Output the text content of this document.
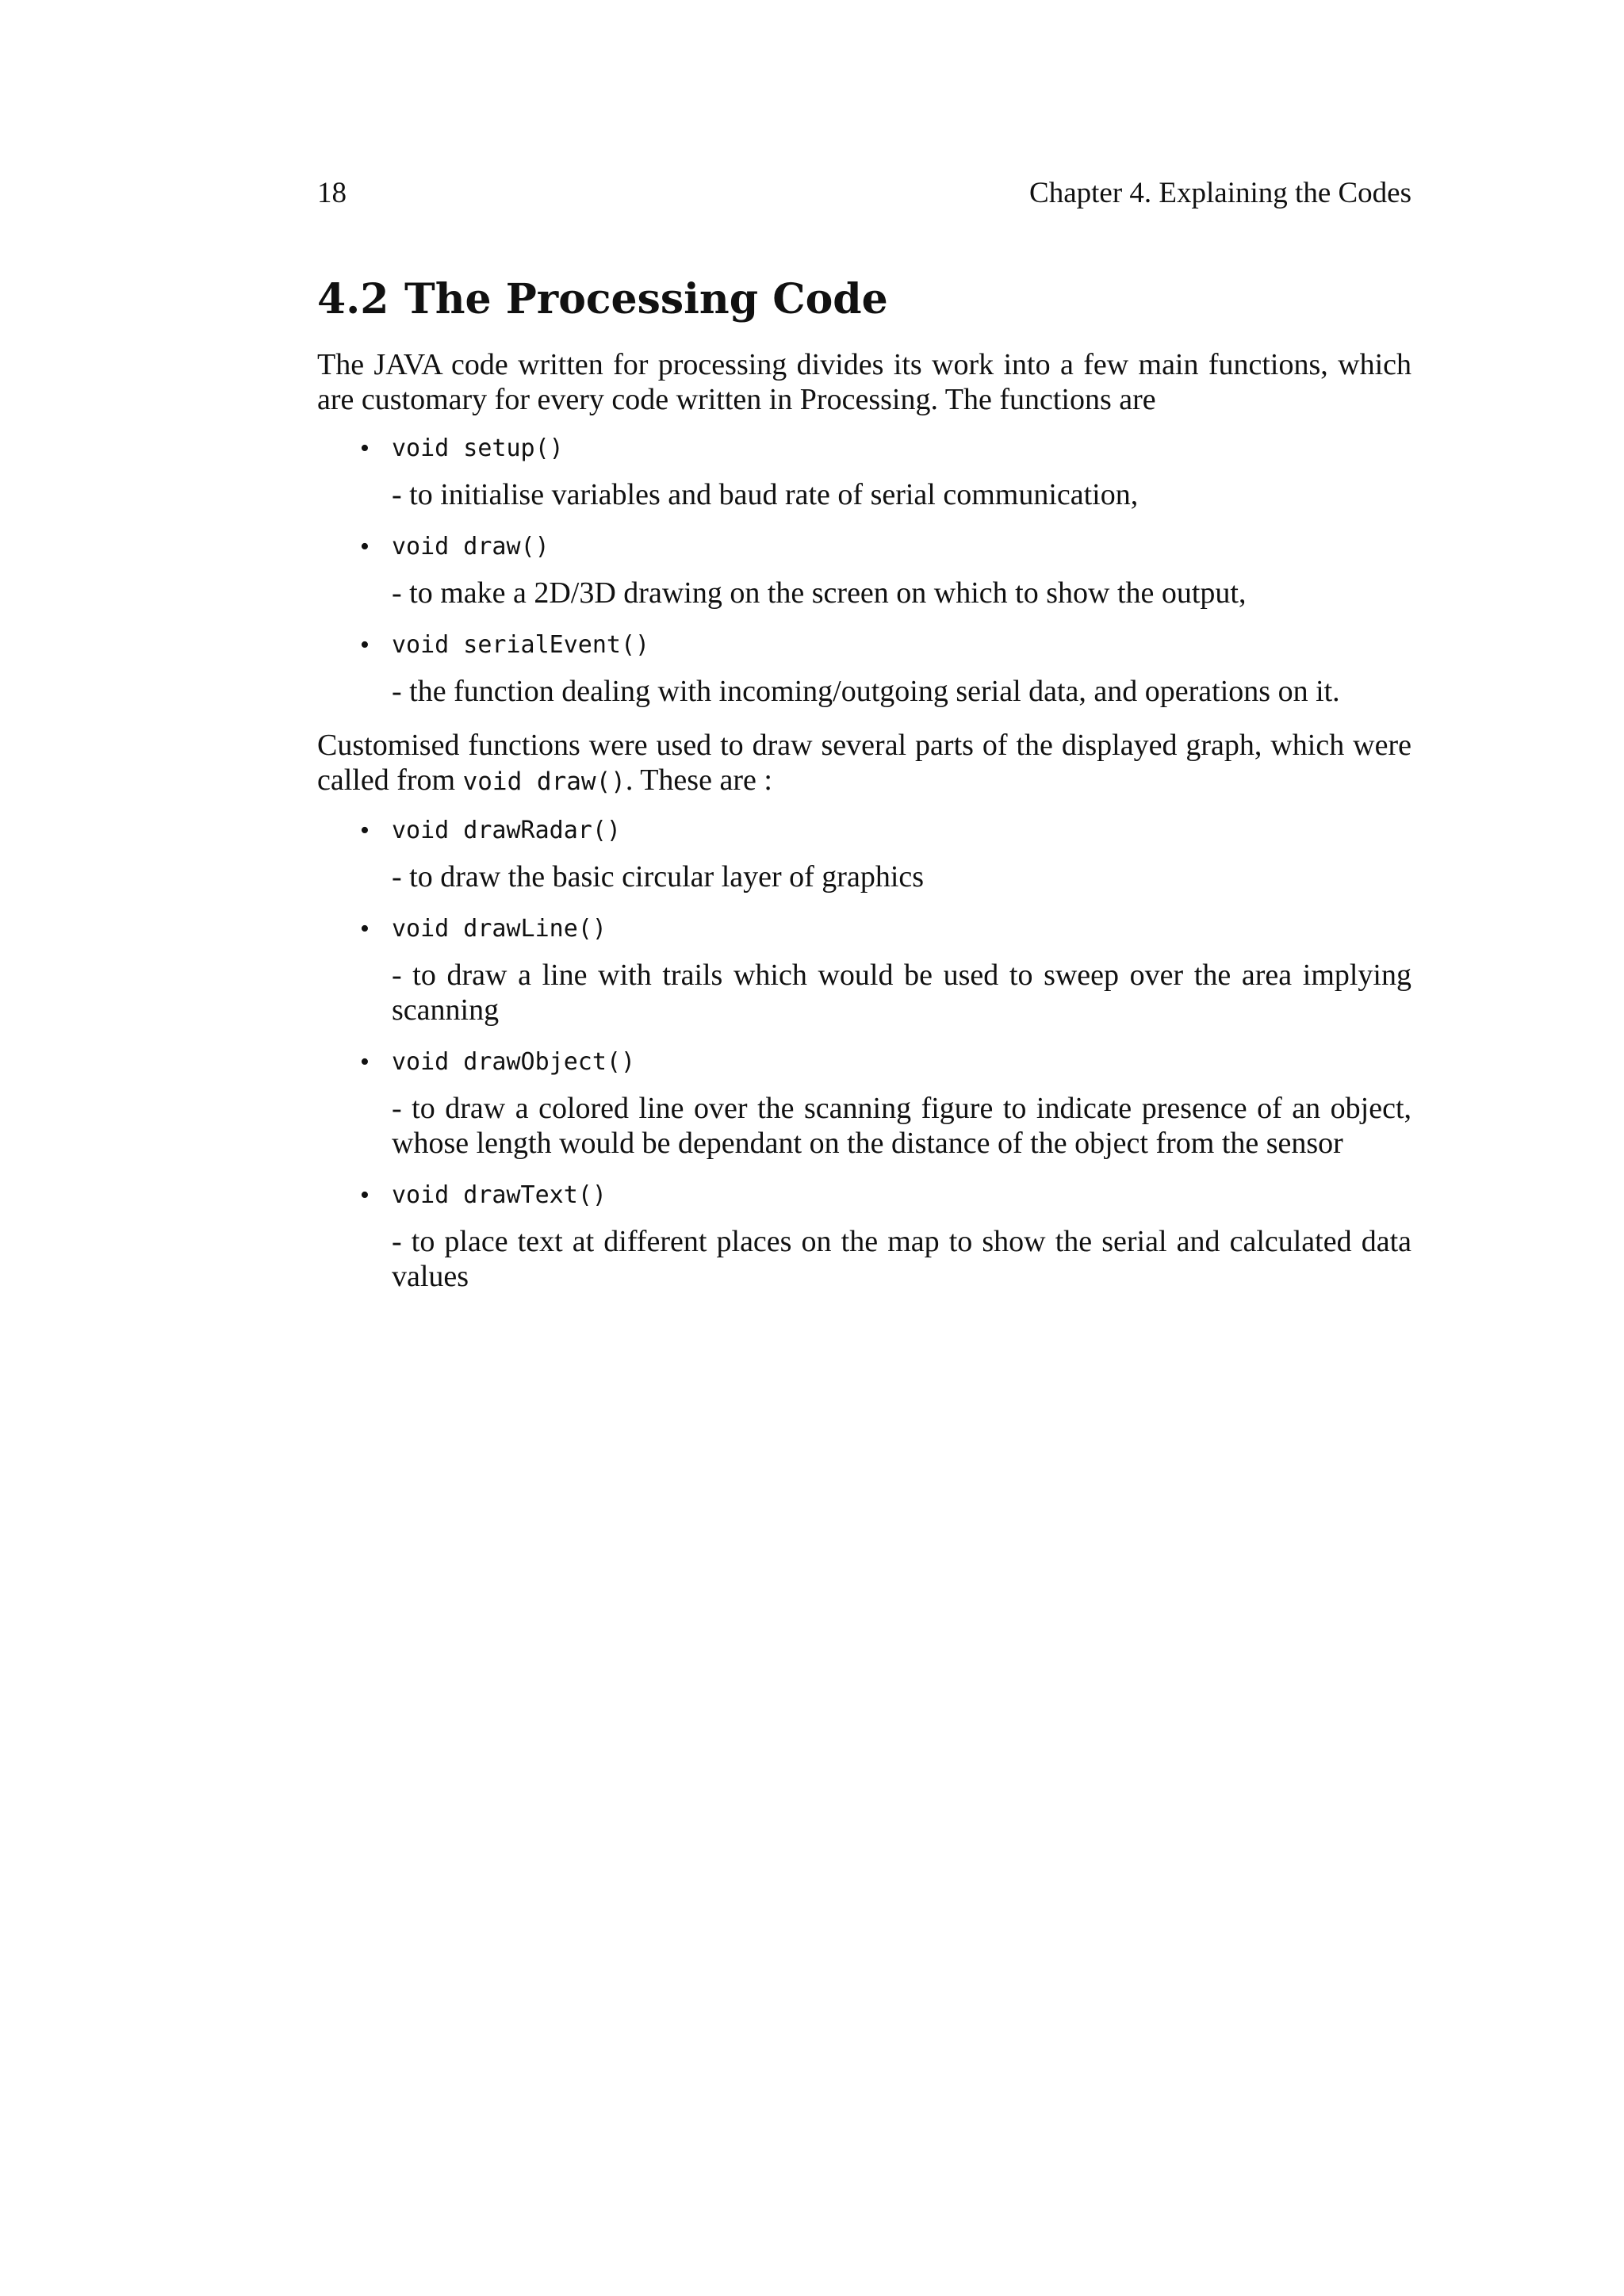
18	Chapter 4. Explaining the Codes
4.2 The Processing Code

The JAVA code written for processing divides its work into a few main functions, which are customary for every code written in Processing. The functions are

• void setup()
- to initialise variables and baud rate of serial communication,
• void draw()
- to make a 2D/3D drawing on the screen on which to show the output,
• void serialEvent()
- the function dealing with incoming/outgoing serial data, and operations on it.

Customised functions were used to draw several parts of the displayed graph, which were called from void draw(). These are :

• void drawRadar()
- to draw the basic circular layer of graphics
• void drawLine()
- to draw a line with trails which would be used to sweep over the area implying scanning
• void drawObject()
- to draw a colored line over the scanning figure to indicate presence of an object, whose length would be dependant on the distance of the object from the sensor
• void drawText()
- to place text at different places on the map to show the serial and calculated data values
